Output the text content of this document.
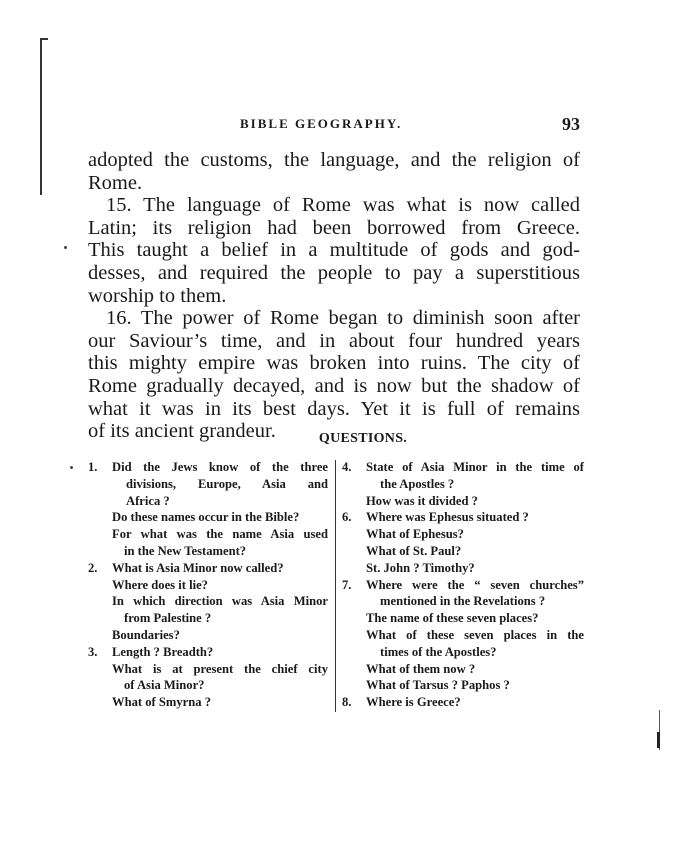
BIBLE GEOGRAPHY.	93

adopted the customs, the language, and the religion of

Rome.

15. The language of Rome was what is now called

Latin; its religion had been borrowed from Greece.

This taught a belief in a multitude of gods and god-

desses, and required the people to pay a superstitious

worship to them.

16. The power of Rome began to diminish soon after

our Saviour’s time, and in about four hundred years

this mighty empire was broken into ruins. The city of

Rome gradually decayed, and is now but the shadow of

what it was in its best days. Yet it is full of remains

of its ancient grandeur.	QUESTIONS.
1. Did the Jews know of the three
divisions, Europe, Asia and
Africa ?
Do these names occur in the Bible?
For what was the name Asia used
in the New Testament?
2. What is Asia Minor now called?
Where does it lie?
In which direction was Asia Minor
from Palestine ?
Boundaries?
3. Length ? Breadth?
What is at present the chief city
of Asia Minor?
What of Smyrna ?
4. State of Asia Minor in the time of
the Apostles ?
How was it divided ?
6. Where was Ephesus situated ?
What of Ephesus?
What of St. Paul?
St. John ? Timothy?
7. Where were the “ seven churches”
mentioned in the Revelations ?
The name of these seven places?
What of these seven places in the
times of the Apostles?
What of them now ?
What of Tarsus ? Paphos ?
8. Where is Greece?
